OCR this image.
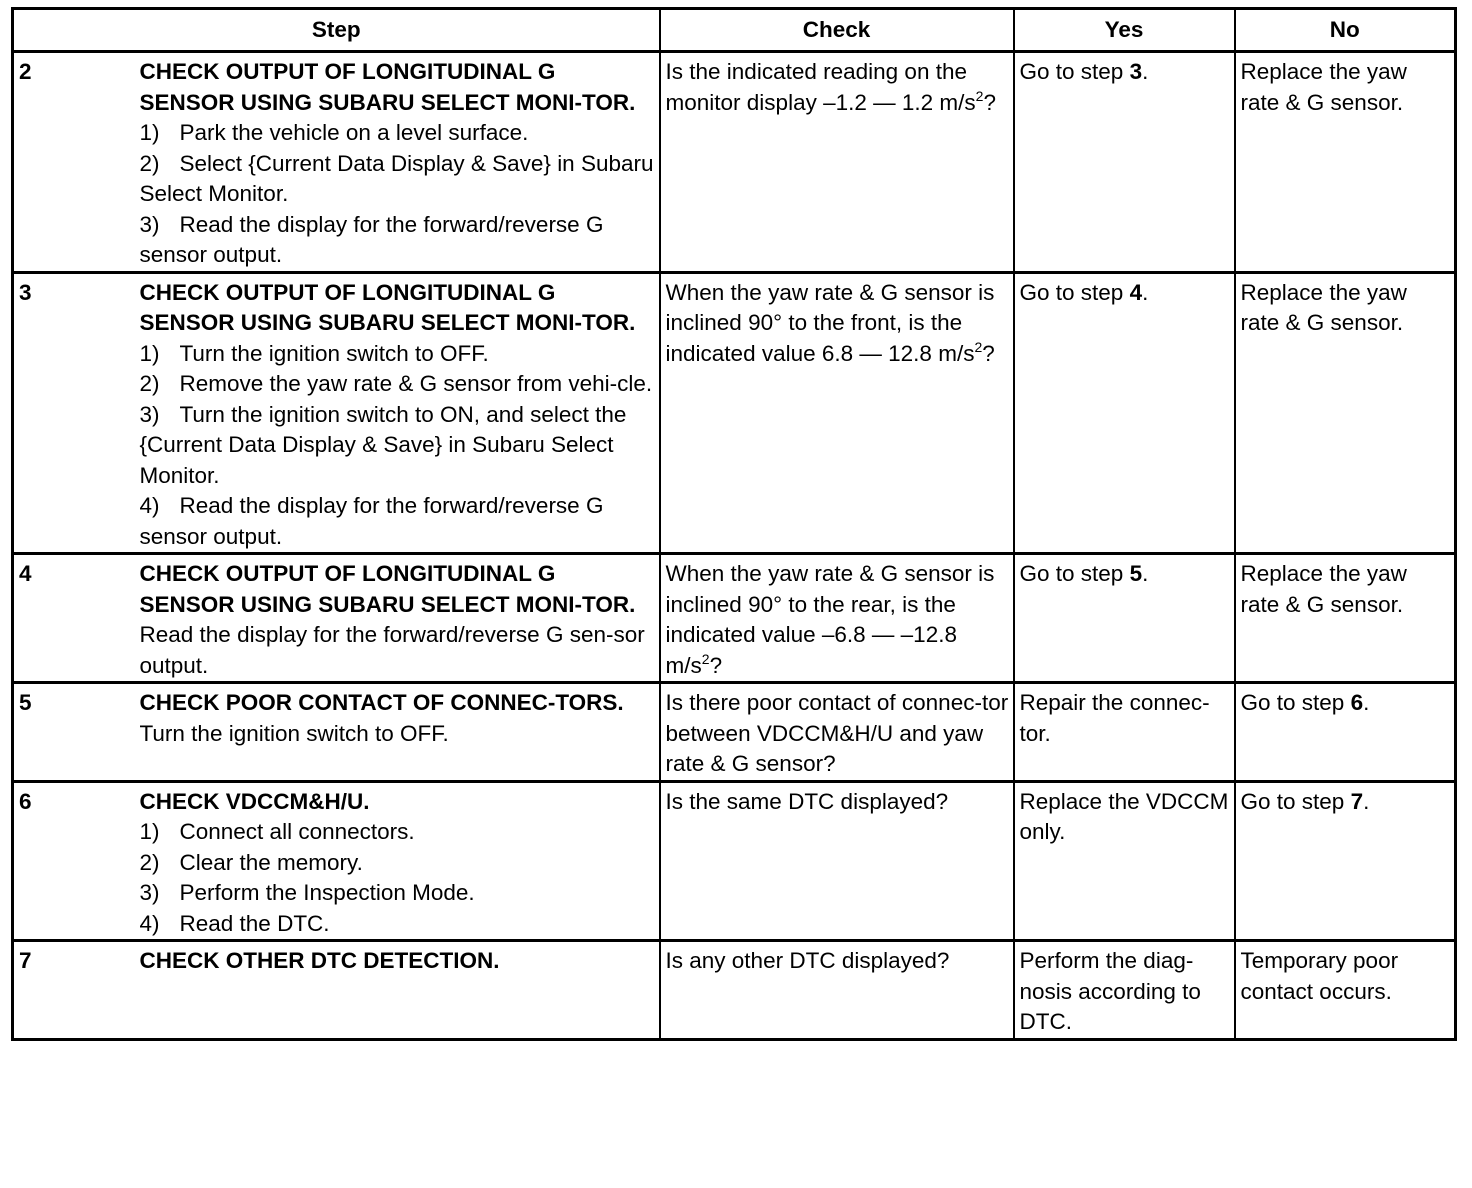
Step		Check	Yes	No
2	CHECK OUTPUT OF LONGITUDINAL G SENSOR USING SUBARU SELECT MONI-TOR.
1) Park the vehicle on a level surface.
2) Select {Current Data Display & Save} in Subaru Select Monitor.
3) Read the display for the forward/reverse G sensor output.	Is the indicated reading on the monitor display –1.2 — 1.2 $m/s^2$?	Go to step 3.	Replace the yaw rate & G sensor.
3	CHECK OUTPUT OF LONGITUDINAL G SENSOR USING SUBARU SELECT MONI-TOR.
1) Turn the ignition switch to OFF.
2) Remove the yaw rate & G sensor from vehi-cle.
3) Turn the ignition switch to ON, and select the {Current Data Display & Save} in Subaru Select Monitor.
4) Read the display for the forward/reverse G sensor output.	When the yaw rate & G sensor is inclined 90° to the front, is the indicated value 6.8 — 12.8 $m/s^2$?	Go to step 4.	Replace the yaw rate & G sensor.
4	CHECK OUTPUT OF LONGITUDINAL G SENSOR USING SUBARU SELECT MONI-TOR.
Read the display for the forward/reverse G sen-sor output.	When the yaw rate & G sensor is inclined 90° to the rear, is the indicated value –6.8 — –12.8 $m/s^2$?	Go to step 5.	Replace the yaw rate & G sensor.
5	CHECK POOR CONTACT OF CONNEC-TORS.
Turn the ignition switch to OFF.	Is there poor contact of connec-tor between VDCCM&H/U and yaw rate & G sensor?	Repair the connec-tor.	Go to step 6.
6	CHECK VDCCM&H/U.
1) Connect all connectors.
2) Clear the memory.
3) Perform the Inspection Mode.
4) Read the DTC.	Is the same DTC displayed?	Replace the VDCCM only.	Go to step 7.
7	CHECK OTHER DTC DETECTION.	Is any other DTC displayed?	Perform the diag-nosis according to DTC.	Temporary poor contact occurs.
